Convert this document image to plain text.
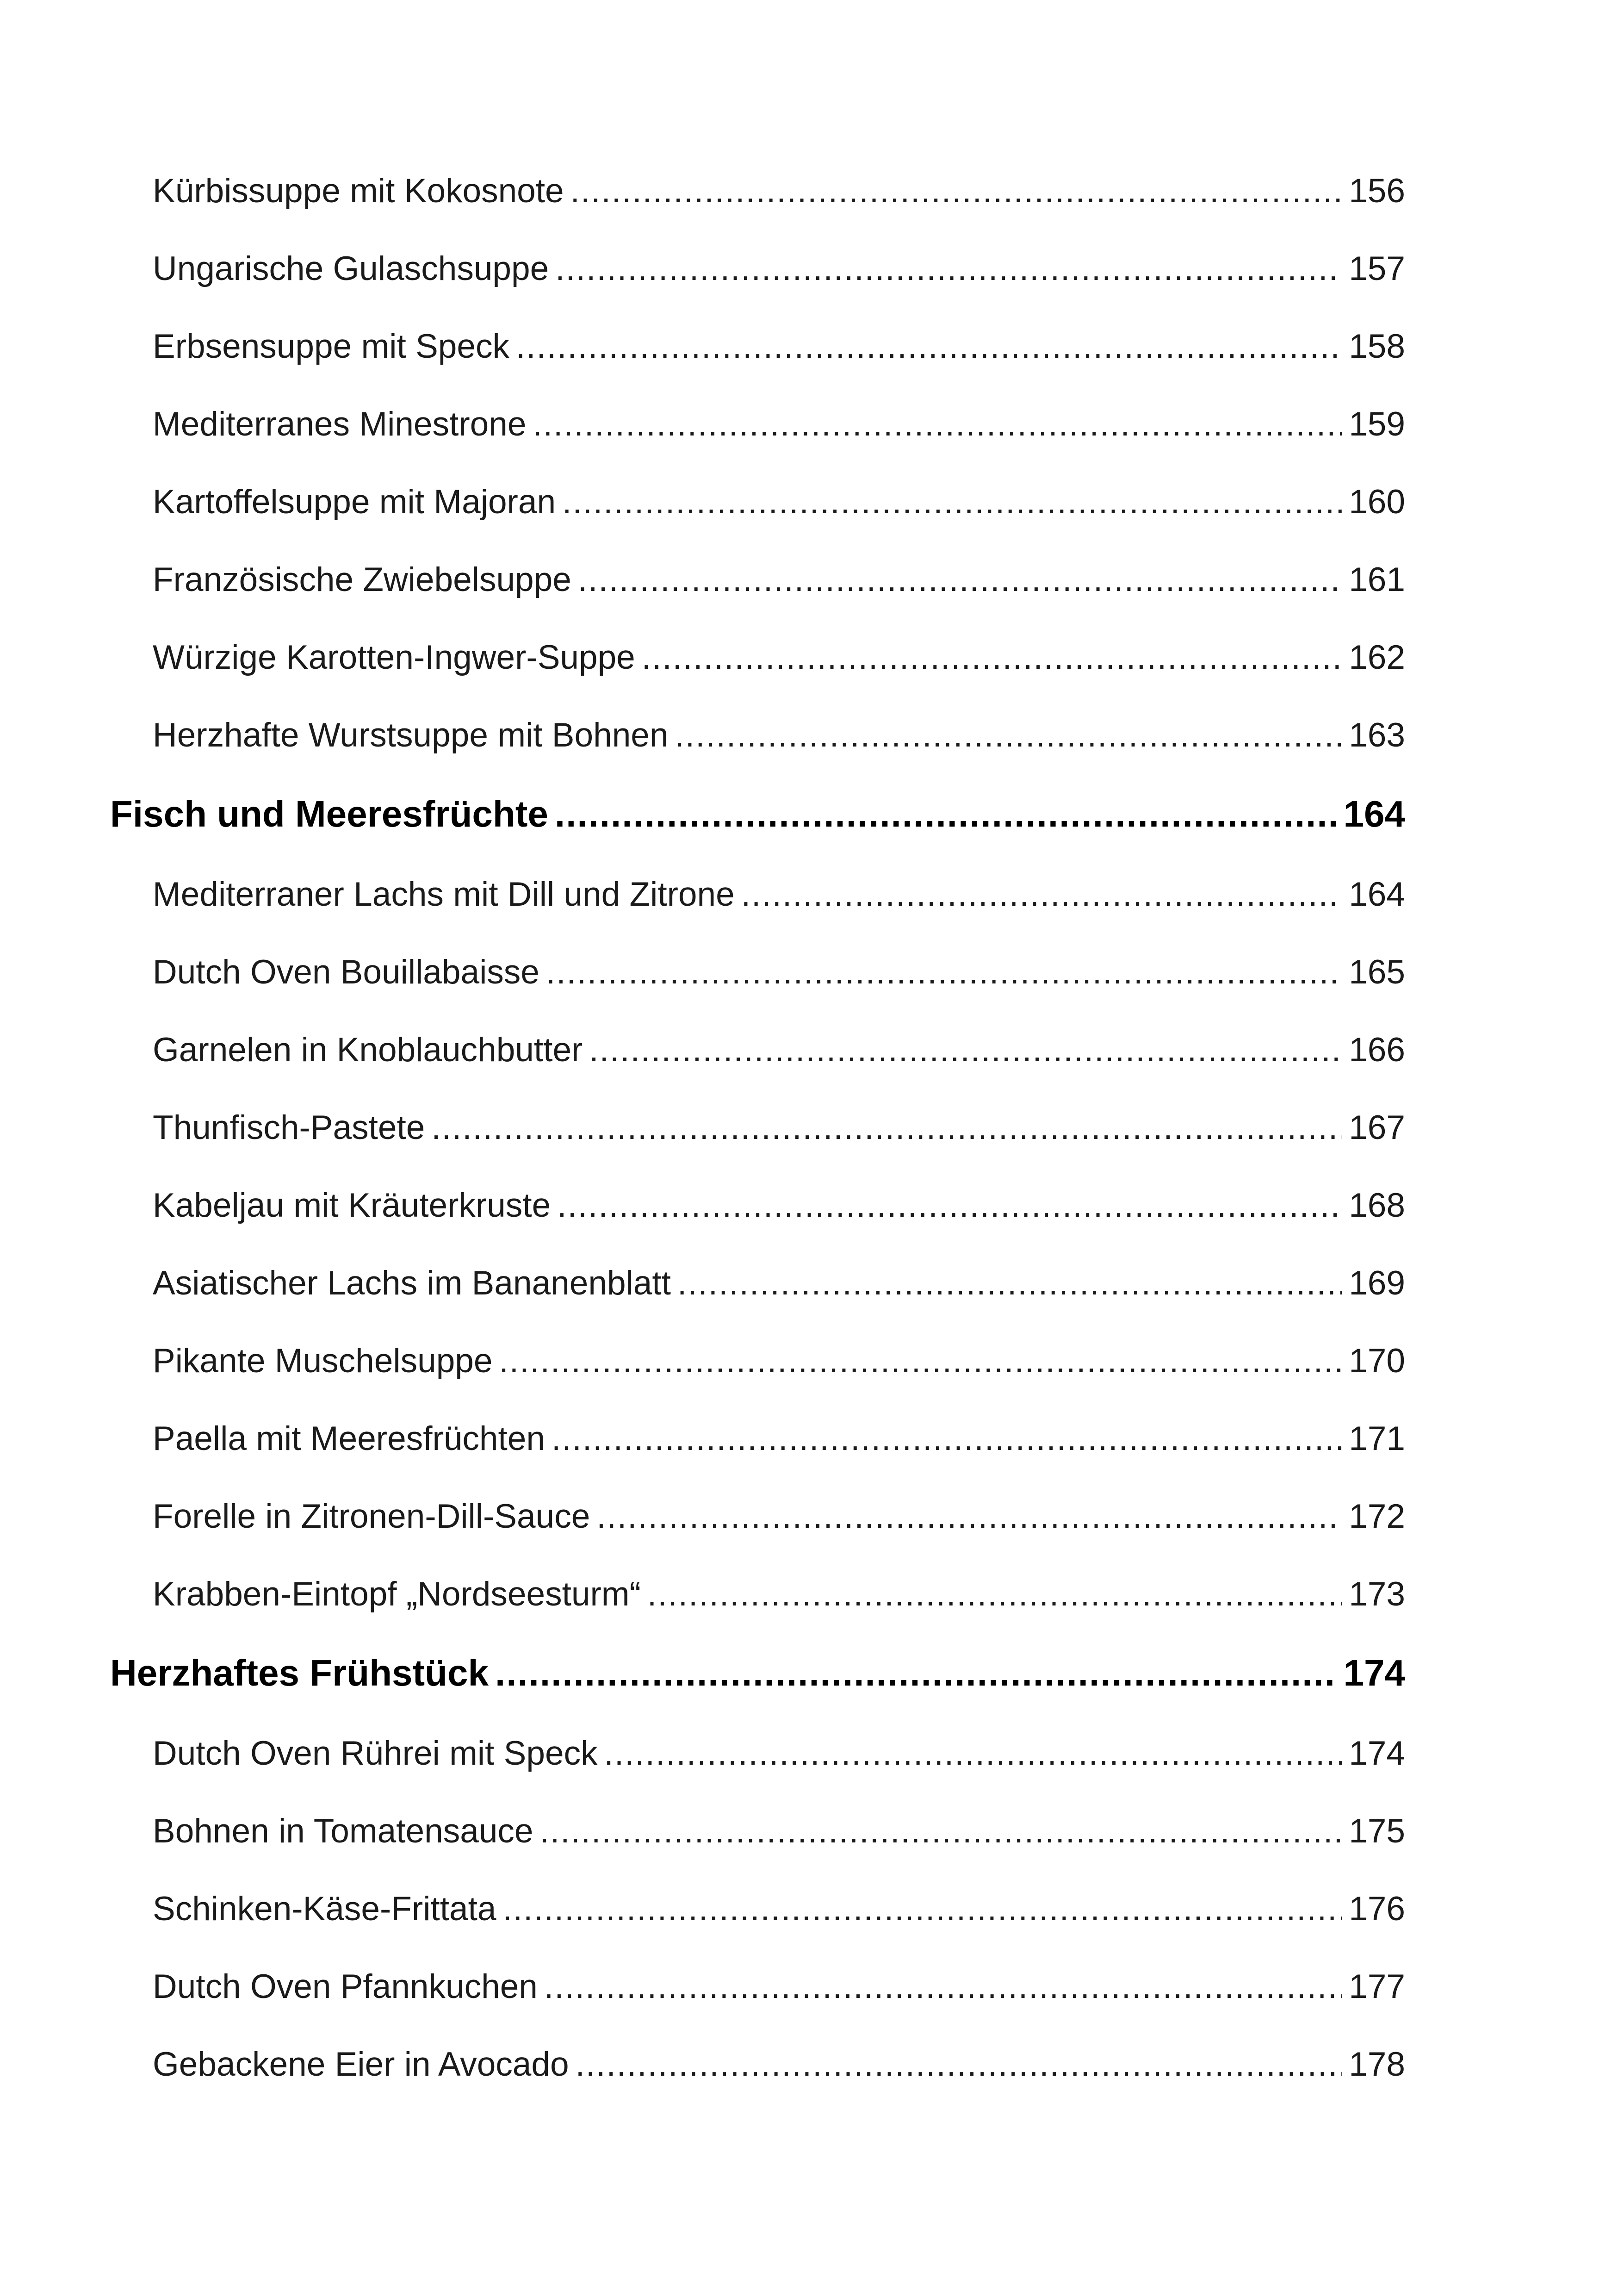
Kürbissuppe mit Kokosnote .....	156
Ungarische Gulaschsuppe .....	157
Erbsensuppe mit Speck .....	158
Mediterranes Minestrone .....	159
Kartoffelsuppe mit Majoran .....	160
Französische Zwiebelsuppe .....	161
Würzige Karotten-Ingwer-Suppe .....	162
Herzhafte Wurstsuppe mit Bohnen .....	163
Fisch und Meeresfrüchte .....	164
Mediterraner Lachs mit Dill und Zitrone .....	164
Dutch Oven Bouillabaisse .....	165
Garnelen in Knoblauchbutter .....	166
Thunfisch-Pastete .....	167
Kabeljau mit Kräuterkruste .....	168
Asiatischer Lachs im Bananenblatt .....	169
Pikante Muschelsuppe .....	170
Paella mit Meeresfrüchten .....	171
Forelle in Zitronen-Dill-Sauce .....	172
Krabben-Eintopf „Nordseesturm“ .....	173
Herzhaftes Frühstück .....	174
Dutch Oven Rührei mit Speck .....	174
Bohnen in Tomatensauce .....	175
Schinken-Käse-Frittata .....	176
Dutch Oven Pfannkuchen .....	177
Gebackene Eier in Avocado .....	178
